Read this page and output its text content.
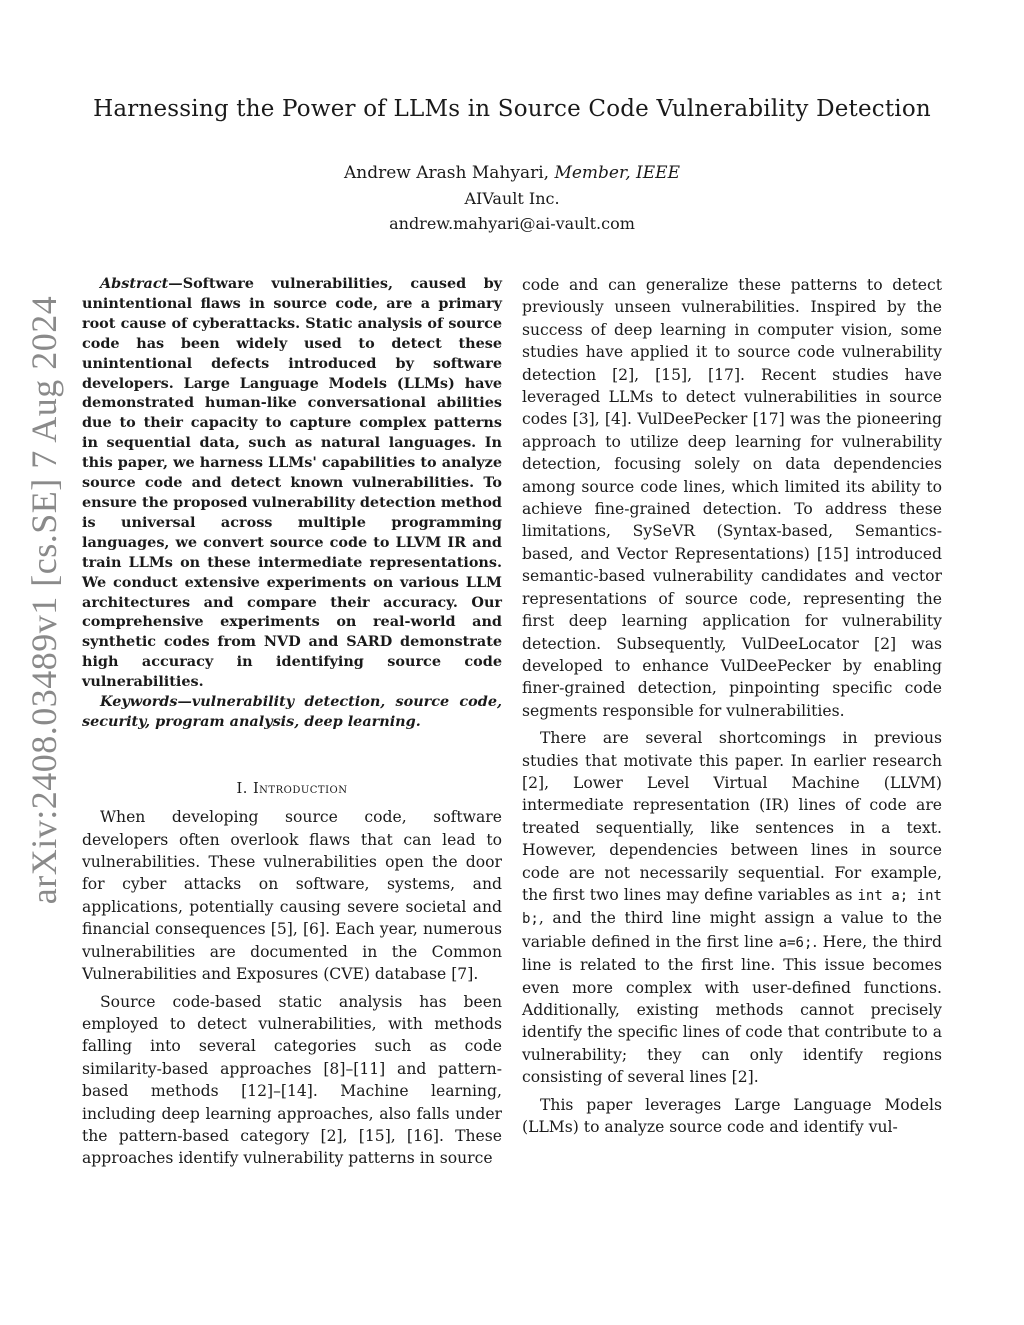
arXiv:2408.03489v1 [cs.SE] 7 Aug 2024
Harnessing the Power of LLMs in Source Code Vulnerability Detection
Andrew Arash Mahyari, Member, IEEE
AIVault Inc.
andrew.mahyari@ai-vault.com

Abstract—Software vulnerabilities, caused by unintentional flaws in source code, are a primary root cause of cyberattacks. Static analysis of source code has been widely used to detect these unintentional defects introduced by software developers. Large Language Models (LLMs) have demonstrated human-like conversational abilities due to their capacity to capture complex patterns in sequential data, such as natural languages. In this paper, we harness LLMs' capabilities to analyze source code and detect known vulnerabilities. To ensure the proposed vulnerability detection method is universal across multiple programming languages, we convert source code to LLVM IR and train LLMs on these intermediate representations. We conduct extensive experiments on various LLM architectures and compare their accuracy. Our comprehensive experiments on real-world and synthetic codes from NVD and SARD demonstrate high accuracy in identifying source code vulnerabilities.

Keywords—vulnerability detection, source code, security, program analysis, deep learning.

I. Introduction

When developing source code, software developers often overlook flaws that can lead to vulnerabilities. These vulnerabilities open the door for cyber attacks on software, systems, and applications, potentially causing severe societal and financial consequences [5], [6]. Each year, numerous vulnerabilities are documented in the Common Vulnerabilities and Exposures (CVE) database [7].

Source code-based static analysis has been employed to detect vulnerabilities, with methods falling into several categories such as code similarity-based approaches [8]–[11] and pattern-based methods [12]–[14]. Machine learning, including deep learning approaches, also falls under the pattern-based category [2], [15], [16]. These approaches identify vulnerability patterns in source

code and can generalize these patterns to detect previously unseen vulnerabilities. Inspired by the success of deep learning in computer vision, some studies have applied it to source code vulnerability detection [2], [15], [17]. Recent studies have leveraged LLMs to detect vulnerabilities in source codes [3], [4]. VulDeePecker [17] was the pioneering approach to utilize deep learning for vulnerability detection, focusing solely on data dependencies among source code lines, which limited its ability to achieve fine-grained detection. To address these limitations, SySeVR (Syntax-based, Semantics-based, and Vector Representations) [15] introduced semantic-based vulnerability candidates and vector representations of source code, representing the first deep learning application for vulnerability detection. Subsequently, VulDeeLocator [2] was developed to enhance VulDeePecker by enabling finer-grained detection, pinpointing specific code segments responsible for vulnerabilities.

There are several shortcomings in previous studies that motivate this paper. In earlier research [2], Lower Level Virtual Machine (LLVM) intermediate representation (IR) lines of code are treated sequentially, like sentences in a text. However, dependencies between lines in source code are not necessarily sequential. For example, the first two lines may define variables as int a; int b;, and the third line might assign a value to the variable defined in the first line a=6;. Here, the third line is related to the first line. This issue becomes even more complex with user-defined functions. Additionally, existing methods cannot precisely identify the specific lines of code that contribute to a vulnerability; they can only identify regions consisting of several lines [2].

This paper leverages Large Language Models (LLMs) to analyze source code and identify vul-
